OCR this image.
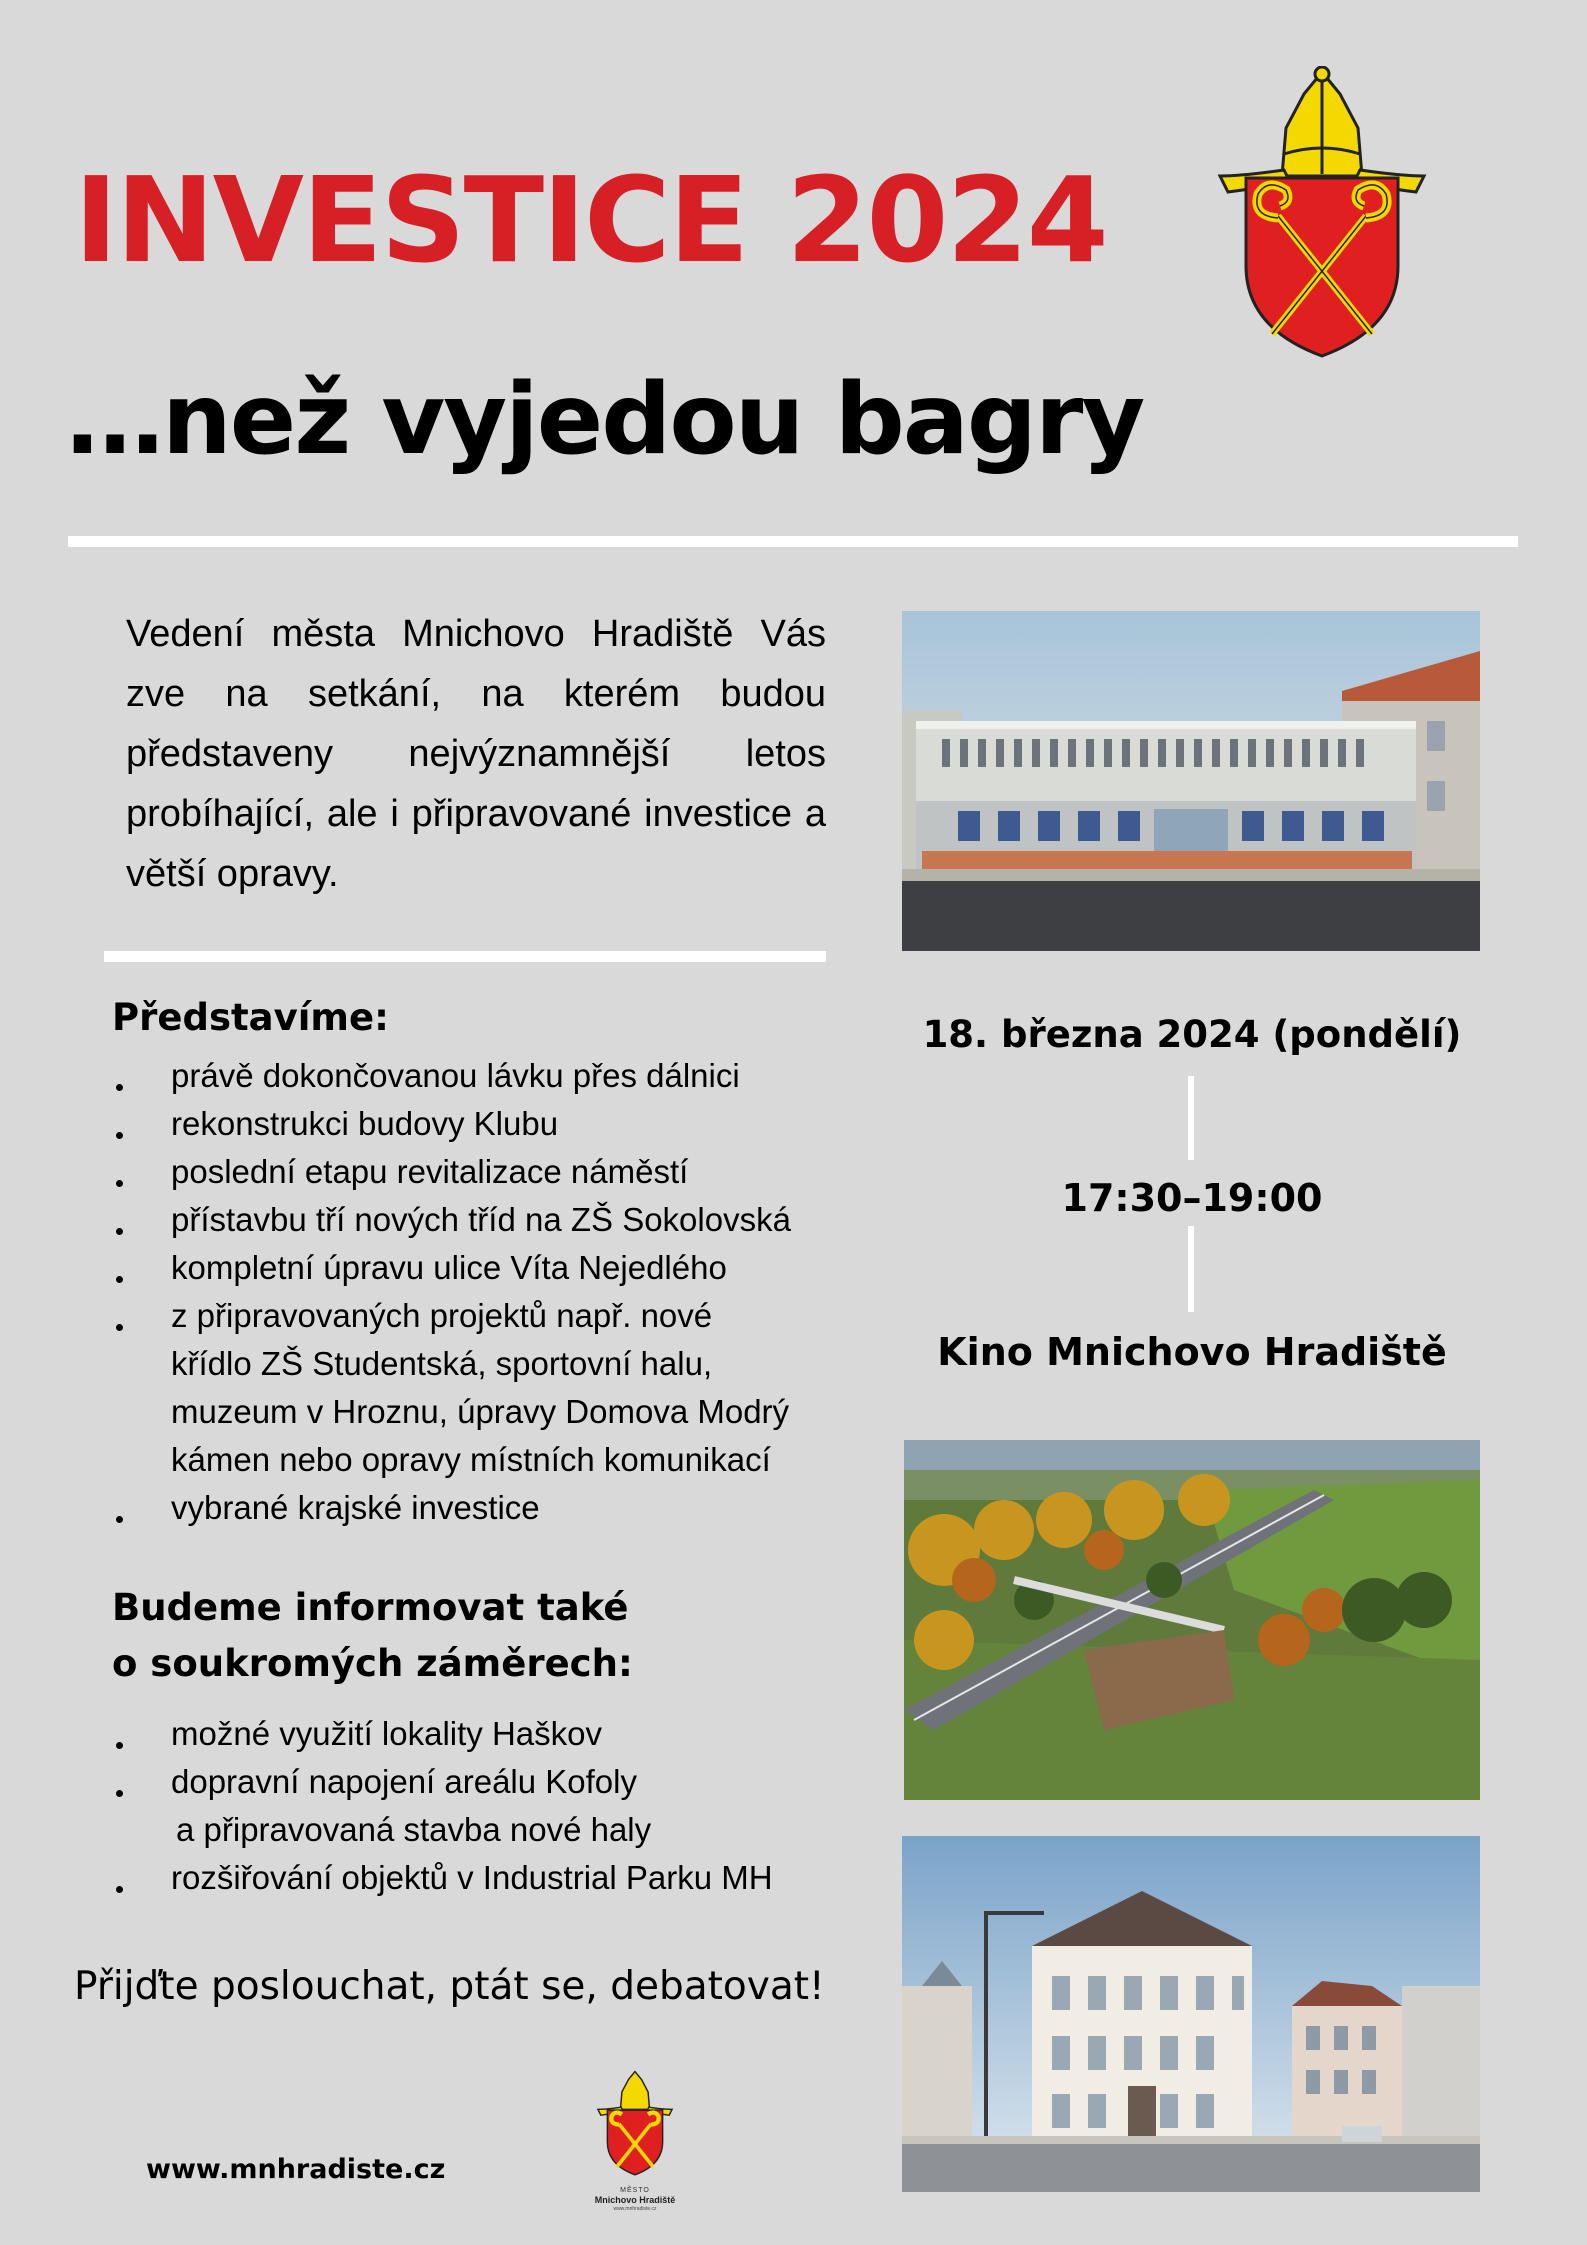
INVESTICE 2024
…než vyjedou bagry
Vedení města Mnichovo Hradiště Vás zve na setkání, na kterém budou představeny nejvýznamnější letos probíhající, ale i připravované investice a větší opravy.
Představíme:
právě dokončovanou lávku přes dálnici
rekonstrukci budovy Klubu
poslední etapu revitalizace náměstí
přístavbu tří nových tříd na ZŠ Sokolovská
kompletní úpravu ulice Víta Nejedlého
z připravovaných projektů např. nové
křídlo ZŠ Studentská, sportovní halu,
muzeum v Hroznu, úpravy Domova Modrý
kámen nebo opravy místních komunikací
vybrané krajské investice
Budeme informovat také
o soukromých záměrech:
možné využití lokality Haškov
dopravní napojení areálu Kofoly
a připravovaná stavba nové haly
rozšiřování objektů v Industrial Parku MH
Přijďte poslouchat, ptát se, debatovat!
www.mnhradiste.cz
MĚSTO
Mnichovo Hradiště
www.mnhradiste.cz
18. března 2024 (pondělí)
17:30–19:00
Kino Mnichovo Hradiště
